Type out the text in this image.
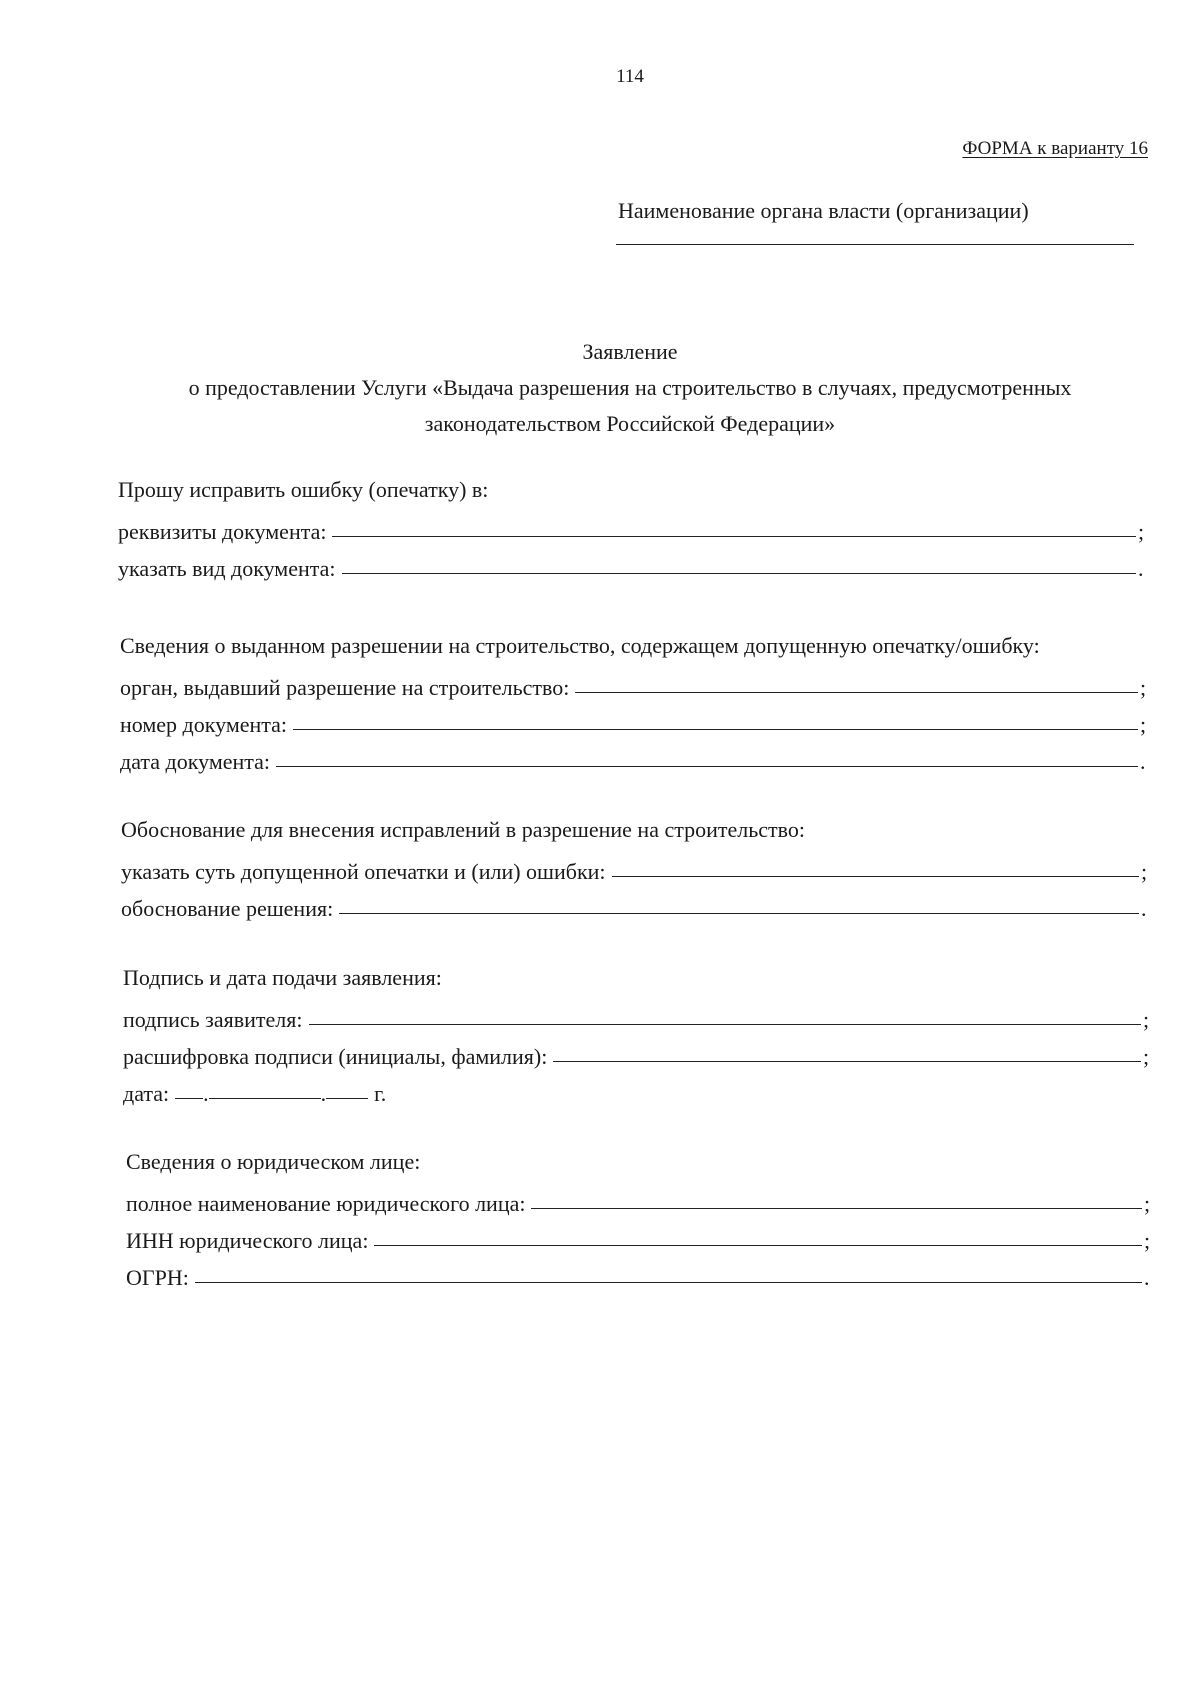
114
ФОРМА к варианту 16
Наименование органа власти (организации)
Заявление
о предоставлении Услуги «Выдача разрешения на строительство в случаях, предусмотренных
законодательством Российской Федерации»
Прошу исправить ошибку (опечатку) в:
реквизиты документа:	;
указать вид документа:	.
Сведения о выданном разрешении на строительство, содержащем допущенную опечатку/ошибку:
орган, выдавший разрешение на строительство:	;
номер документа:	;
дата документа:	.
Обоснование для внесения исправлений в разрешение на строительство:
указать суть допущенной опечатки и (или) ошибки:	;
обоснование решения:	.
Подпись и дата подачи заявления:
подпись заявителя:	;
расшифровка подписи (инициалы, фамилия):	;
дата: .	. г.
Сведения о юридическом лице:
полное наименование юридического лица:	;
ИНН юридического лица:	;
ОГРН:	.
